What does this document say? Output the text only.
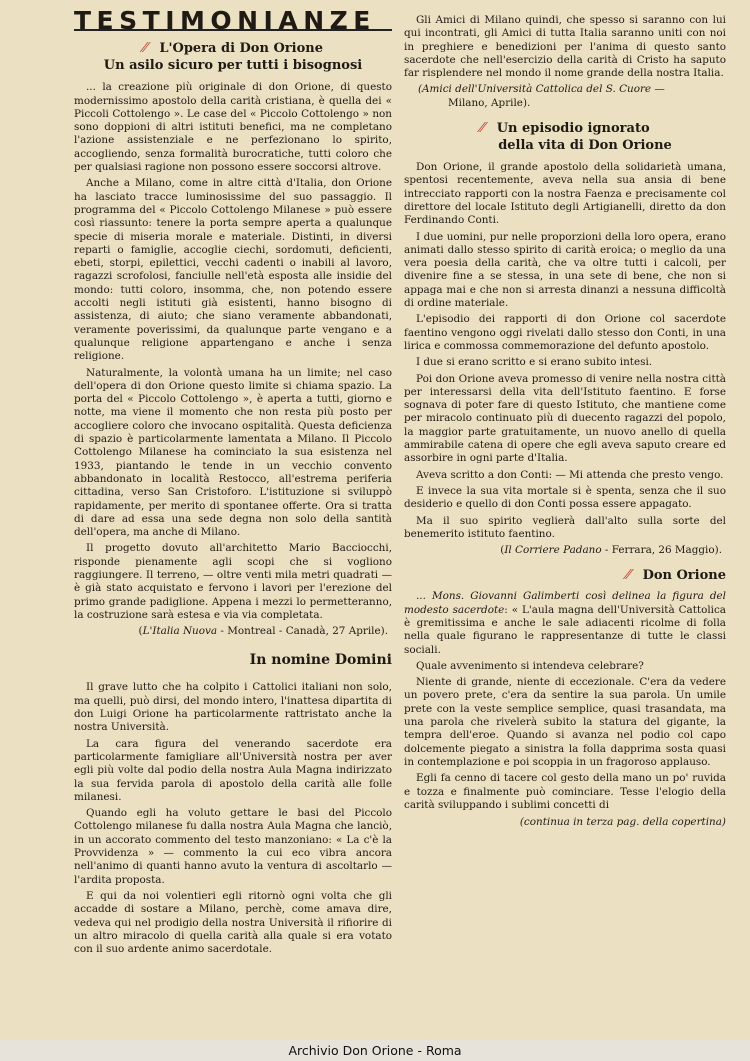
TESTIMONIANZE
⁄⁄ L'Opera di Don Orione
Un asilo sicuro per tutti i bisognosi

... la creazione più originale di don Orione, di questo modernissimo apostolo della carità cristiana, è quella dei « Piccoli Cottolengo ». Le case del « Piccolo Cottolengo » non sono doppioni di altri istituti benefici, ma ne completano l'azione assistenziale e ne perfezionano lo spirito, accogliendo, senza formalità burocratiche, tutti coloro che per qualsiasi ragione non possono essere soccorsi altrove.

Anche a Milano, come in altre città d'Italia, don Orione ha lasciato tracce luminosissime del suo passaggio. Il programma del « Piccolo Cottolengo Milanese » può essere così riassunto: tenere la porta sempre aperta a qualunque specie di miseria morale e materiale. Distinti, in diversi reparti o famiglie, accoglie ciechi, sordomuti, deficienti, ebeti, storpi, epilettici, vecchi cadenti o inabili al lavoro, ragazzi scrofolosi, fanciulle nell'età esposta alle insidie del mondo: tutti coloro, insomma, che, non potendo essere accolti negli istituti già esistenti, hanno bisogno di assistenza, di aiuto; che siano veramente abbandonati, veramente poverissimi, da qualunque parte vengano e a qualunque religione appartengano e anche i senza religione.

Naturalmente, la volontà umana ha un limite; nel caso dell'opera di don Orione questo limite si chiama spazio. La porta del « Piccolo Cottolengo », è aperta a tutti, giorno e notte, ma viene il momento che non resta più posto per accogliere coloro che invocano ospitalità. Questa deficienza di spazio è particolarmente lamentata a Milano. Il Piccolo Cottolengo Milanese ha cominciato la sua esistenza nel 1933, piantando le tende in un vecchio convento abbandonato in località Restocco, all'estrema periferia cittadina, verso San Cristoforo. L'istituzione si sviluppò rapidamente, per merito di spontanee offerte. Ora si tratta di dare ad essa una sede degna non solo della santità dell'opera, ma anche di Milano.

Il progetto dovuto all'architetto Mario Bacciocchi, risponde pienamente agli scopi che si vogliono raggiungere. Il terreno, — oltre venti mila metri quadrati — è già stato acquistato e fervono i lavori per l'erezione del primo grande padiglione. Appena i mezzi lo permetteranno, la costruzione sarà estesa e via via completata.

(L'Italia Nuova - Montreal - Canadà, 27 Aprile).

In nomine Domini

Il grave lutto che ha colpito i Cattolici italiani non solo, ma quelli, può dirsi, del mondo intero, l'inattesa dipartita di don Luigi Orione ha particolarmente rattristato anche la nostra Università.

La cara figura del venerando sacerdote era particolarmente famigliare all'Università nostra per aver egli più volte dal podio della nostra Aula Magna indirizzato la sua fervida parola di apostolo della carità alle folle milanesi.

Quando egli ha voluto gettare le basi del Piccolo Cottolengo milanese fu dalla nostra Aula Magna che lanciò, in un accorato commento del testo manzoniano: « La c'è la Provvidenza » — commento la cui eco vibra ancora nell'animo di quanti hanno avuto la ventura di ascoltarlo — l'ardita proposta.

E qui da noi volentieri egli ritornò ogni volta che gli accadde di sostare a Milano, perchè, come amava dire, vedeva qui nel prodigio della nostra Università il rifiorire di un altro miracolo di quella carità alla quale si era votato con il suo ardente animo sacerdotale.

Gli Amici di Milano quindi, che spesso si saranno con lui qui incontrati, gli Amici di tutta Italia saranno uniti con noi in preghiere e benedizioni per l'anima di questo santo sacerdote che nell'esercizio della carità di Cristo ha saputo far risplendere nel mondo il nome grande della nostra Italia.

(Amici dell'Università Cattolica del S. Cuore —
Milano, Aprile).

⁄⁄ Un episodio ignorato
della vita di Don Orione

Don Orione, il grande apostolo della solidarietà umana, spentosi recentemente, aveva nella sua ansia di bene intrecciato rapporti con la nostra Faenza e precisamente col direttore del locale Istituto degli Artigianelli, diretto da don Ferdinando Conti.

I due uomini, pur nelle proporzioni della loro opera, erano animati dallo stesso spirito di carità eroica; o meglio da una vera poesia della carità, che va oltre tutti i calcoli, per divenire fine a se stessa, in una sete di bene, che non si appaga mai e che non si arresta dinanzi a nessuna difficoltà di ordine materiale.

L'episodio dei rapporti di don Orione col sacerdote faentino vengono oggi rivelati dallo stesso don Conti, in una lirica e commossa commemorazione del defunto apostolo.

I due si erano scritto e si erano subito intesi.

Poi don Orione aveva promesso di venire nella nostra città per interessarsi della vita dell'Istituto faentino. E forse sognava di poter fare di questo Istituto, che mantiene come per miracolo continuato più di duecento ragazzi del popolo, la maggior parte gratuitamente, un nuovo anello di quella ammirabile catena di opere che egli aveva saputo creare ed assorbire in ogni parte d'Italia.

Aveva scritto a don Conti: — Mi attenda che presto vengo.

E invece la sua vita mortale si è spenta, senza che il suo desiderio e quello di don Conti possa essere appagato.

Ma il suo spirito veglierà dall'alto sulla sorte del benemerito istituto faentino.

(Il Corriere Padano - Ferrara, 26 Maggio).

⁄⁄ Don Orione

... Mons. Giovanni Galimberti così delinea la figura del modesto sacerdote: « L'aula magna dell'Università Cattolica è gremitissima e anche le sale adiacenti ricolme di folla nella quale figurano le rappresentanze di tutte le classi sociali.

Quale avvenimento si intendeva celebrare?

Niente di grande, niente di eccezionale. C'era da vedere un povero prete, c'era da sentire la sua parola. Un umile prete con la veste semplice semplice, quasi trasandata, ma una parola che rivelerà subito la statura del gigante, la tempra dell'eroe. Quando si avanza nel podio col capo dolcemente piegato a sinistra la folla dapprima sosta quasi in contemplazione e poi scoppia in un fragoroso applauso.

Egli fa cenno di tacere col gesto della mano un po' ruvida e tozza e finalmente può cominciare. Tesse l'elogio della carità sviluppando i sublimi concetti di

(continua in terza pag. della copertina)

Archivio Don Orione - Roma
